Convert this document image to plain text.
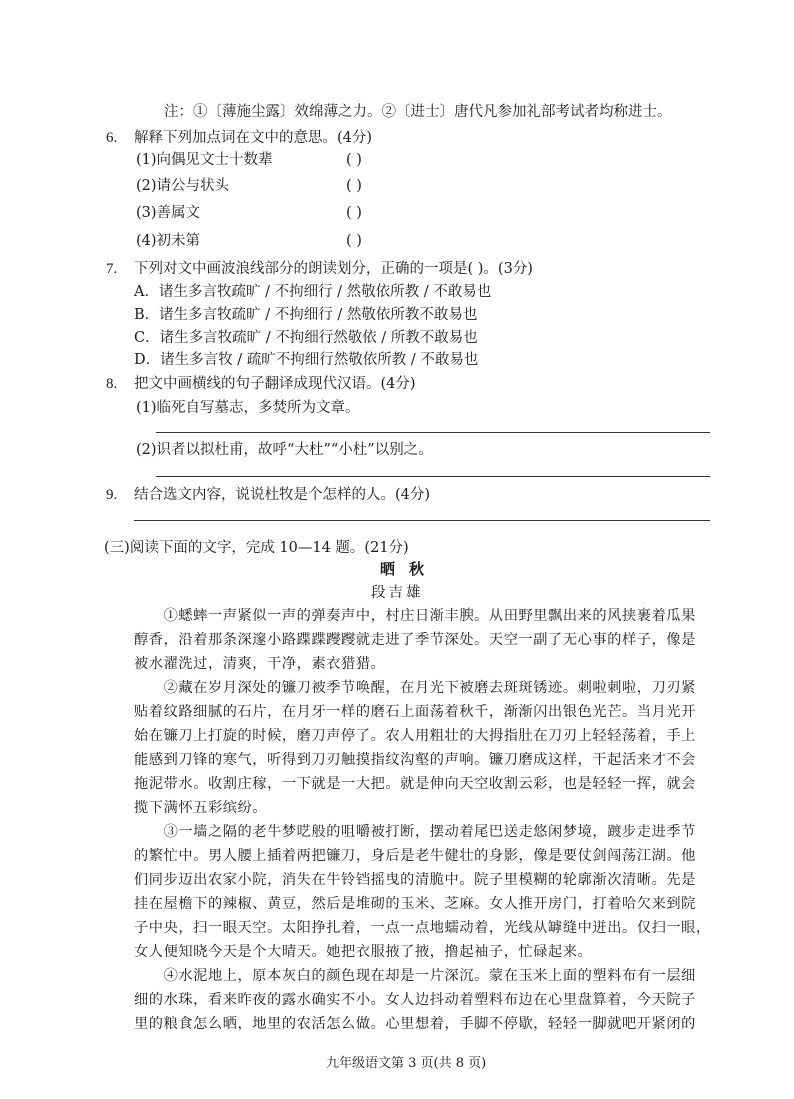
注：①〔薄施尘露〕效绵薄之力。②〔进士〕唐代凡参加礼部考试者均称进士。
6. 解释下列加点词在文中的意思。(4分)
(1)向偶见文士十数辈	( )
(2)请公与状头	( )
(3)善属文	( )
(4)初未第	( )
7. 下列对文中画波浪线部分的朗读划分，正确的一项是( )。(3分)
A．诸生多言牧疏旷 / 不拘细行 / 然敬依所教 / 不敢易也
B．诸生多言牧疏旷 / 不拘细行 / 然敬依所教不敢易也
C．诸生多言牧疏旷 / 不拘细行然敬依 / 所教不敢易也
D．诸生多言牧 / 疏旷不拘细行然敬依所教 / 不敢易也
8. 把文中画横线的句子翻译成现代汉语。(4分)
(1)临死自写墓志，多焚所为文章。
(2)识者以拟杜甫，故呼“大杜”“小杜”以别之。
9. 结合选文内容，说说杜牧是个怎样的人。(4分)
(三)阅读下面的文字，完成 10—14 题。(21分)
晒秋
段吉雄
　　①蟋蟀一声紧似一声的弹奏声中，村庄日渐丰腴。从田野里飘出来的风挟裹着瓜果
醇香，沿着那条深邃小路蹀蹀躞躞就走进了季节深处。天空一副了无心事的样子，像是
被水濯洗过，清爽，干净，素衣猎猎。
　　②藏在岁月深处的镰刀被季节唤醒，在月光下被磨去斑斑锈迹。刺啦刺啦，刀刃紧
贴着纹路细腻的石片，在月牙一样的磨石上面荡着秋千，渐渐闪出银色光芒。当月光开
始在镰刀上打旋的时候，磨刀声停了。农人用粗壮的大拇指肚在刀刃上轻轻荡着，手上
能感到刀锋的寒气，听得到刀刃触摸指纹沟壑的声响。镰刀磨成这样，干起活来才不会
拖泥带水。收割庄稼，一下就是一大把。就是伸向天空收割云彩，也是轻轻一挥，就会
揽下满怀五彩缤纷。
　　③一墙之隔的老牛梦呓般的咀嚼被打断，摆动着尾巴送走悠闲梦境，踱步走进季节
的繁忙中。男人腰上插着两把镰刀，身后是老牛健壮的身影，像是要仗剑闯荡江湖。他
们同步迈出农家小院，消失在牛铃铛摇曳的清脆中。院子里模糊的轮廓渐次清晰。先是
挂在屋檐下的辣椒、黄豆，然后是堆砌的玉米、芝麻。女人推开房门，打着哈欠来到院
子中央，扫一眼天空。太阳挣扎着，一点一点地蠕动着，光线从罅缝中迸出。仅扫一眼，
女人便知晓今天是个大晴天。她把衣服掖了掖，撸起袖子，忙碌起来。
　　④水泥地上，原本灰白的颜色现在却是一片深沉。蒙在玉米上面的塑料布有一层细
细的水珠，看来昨夜的露水确实不小。女人边抖动着塑料布边在心里盘算着，今天院子
里的粮食怎么晒，地里的农活怎么做。心里想着，手脚不停歇，轻轻一脚就吧开紧闭的
九年级语文第 3 页(共 8 页)
